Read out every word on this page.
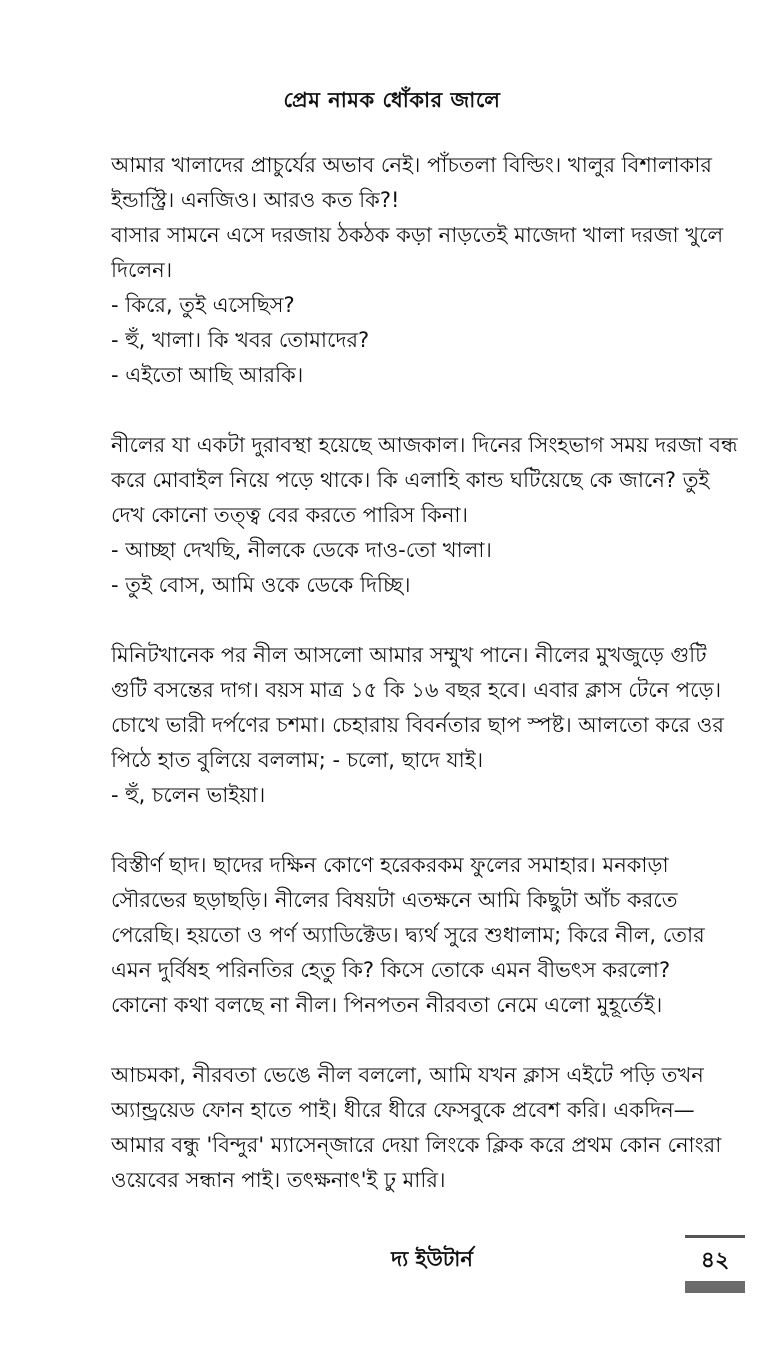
প্রেম নামক ধোঁকার জালে
আমার খালাদের প্রাচুর্যের অভাব নেই। পাঁচতলা বিল্ডিং। খালুর বিশালাকার
ইন্ডাস্ট্রি। এনজিও। আরও কত কি?!
বাসার সামনে এসে দরজায় ঠকঠক কড়া নাড়তেই মাজেদা খালা দরজা খুলে
দিলেন।
- কিরে, তুই এসেছিস?
- হুঁ, খালা। কি খবর তোমাদের?
- এইতো আছি আরকি।
নীলের যা একটা দুরাবস্থা হয়েছে আজকাল। দিনের সিংহভাগ সময় দরজা বন্ধ
করে মোবাইল নিয়ে পড়ে থাকে। কি এলাহি কান্ড ঘটিয়েছে কে জানে? তুই
দেখ কোনো তত্ত্ব বের করতে পারিস কিনা।
- আচ্ছা দেখছি, নীলকে ডেকে দাও-তো খালা।
- তুই বোস, আমি ওকে ডেকে দিচ্ছি।
মিনিটখানেক পর নীল আসলো আমার সম্মুখ পানে। নীলের মুখজুড়ে গুটি
গুটি বসন্তের দাগ। বয়স মাত্র ১৫ কি ১৬ বছর হবে। এবার ক্লাস টেনে পড়ে।
চোখে ভারী দর্পণের চশমা। চেহারায় বিবর্নতার ছাপ স্পষ্ট। আলতো করে ওর
পিঠে হাত বুলিয়ে বললাম; - চলো, ছাদে যাই।
- হুঁ, চলেন ভাইয়া।
বিস্তীর্ণ ছাদ। ছাদের দক্ষিন কোণে হরেকরকম ফুলের সমাহার। মনকাড়া
সৌরভের ছড়াছড়ি। নীলের বিষয়টা এতক্ষনে আমি কিছুটা আঁচ করতে
পেরেছি। হয়তো ও পর্ণ অ্যাডিক্টেড। দ্ব্যর্থ সুরে শুধালাম; কিরে নীল, তোর
এমন দুর্বিষহ পরিনতির হেতু কি? কিসে তোকে এমন বীভৎস করলো?
কোনো কথা বলছে না নীল। পিনপতন নীরবতা নেমে এলো মুহূর্তেই।
আচমকা, নীরবতা ভেঙে নীল বললো, আমি যখন ক্লাস এইটে পড়ি তখন
অ্যান্ড্রয়েড ফোন হাতে পাই। ধীরে ধীরে ফেসবুকে প্রবেশ করি। একদিন—
আমার বন্ধু 'বিন্দুর' ম্যাসেন্জারে দেয়া লিংকে ক্লিক করে প্রথম কোন নোংরা
ওয়েবের সন্ধান পাই। তৎক্ষনাৎ'ই ঢু মারি।
দ্য ইউটার্ন	৪২
